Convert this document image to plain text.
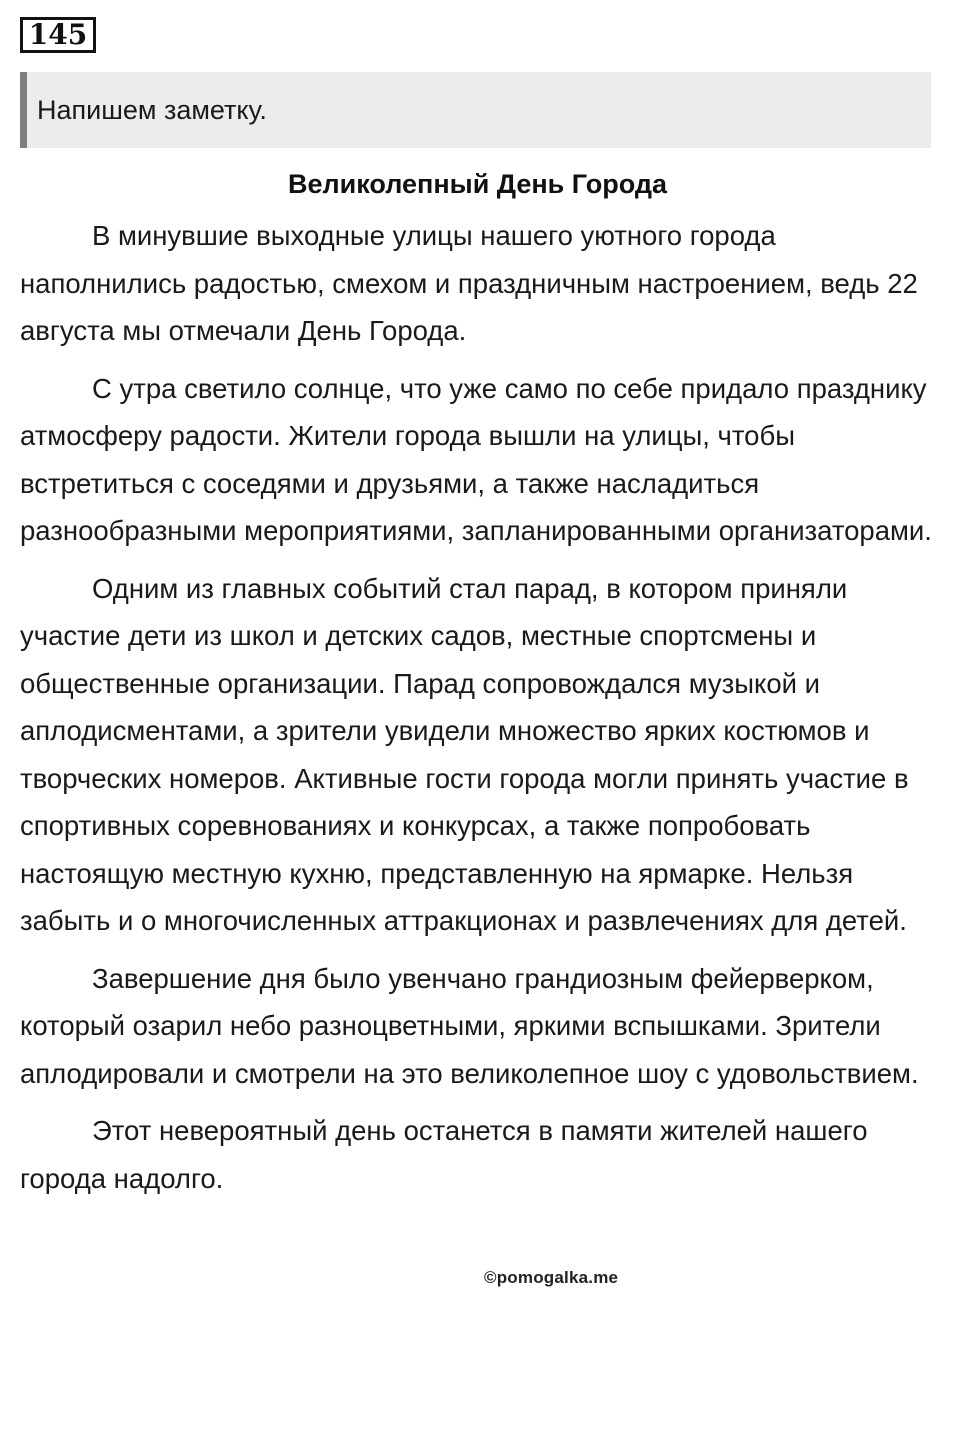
145
Напишем заметку.
Великолепный День Города

В минувшие выходные улицы нашего уютного города наполнились радостью, смехом и праздничным настроением, ведь 22 августа мы отмечали День Города.

С утра светило солнце, что уже само по себе придало празднику атмосферу радости. Жители города вышли на улицы, чтобы встретиться с соседями и друзьями, а также насладиться разнообразными мероприятиями, запланированными организаторами.

Одним из главных событий стал парад, в котором приняли участие дети из школ и детских садов, местные спортсмены и общественные организации. Парад сопровождался музыкой и аплодисментами, а зрители увидели множество ярких костюмов и творческих номеров. Активные гости города могли принять участие в спортивных соревнованиях и конкурсах, а также попробовать настоящую местную кухню, представленную на ярмарке. Нельзя забыть и о многочисленных аттракционах и развлечениях для детей.

Завершение дня было увенчано грандиозным фейерверком, который озарил небо разноцветными, яркими вспышками. Зрители аплодировали и смотрели на это великолепное шоу с удовольствием.

Этот невероятный день останется в памяти жителей нашего города надолго.

©pomogalka.me
